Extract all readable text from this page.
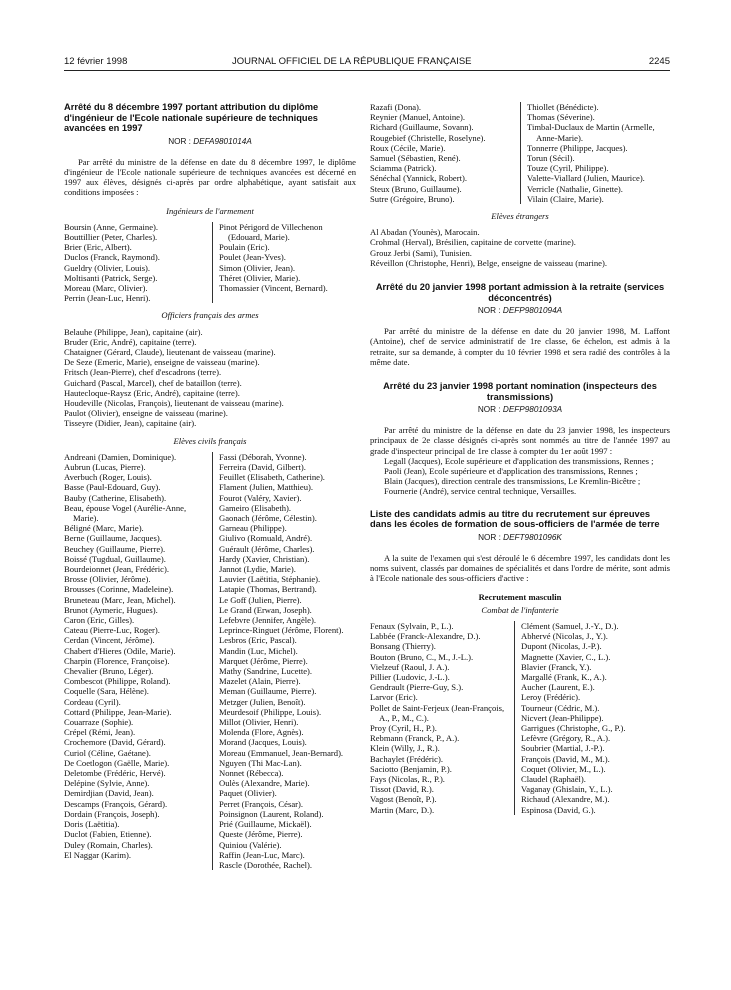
12 février 1998	JOURNAL OFFICIEL DE LA RÉPUBLIQUE FRANÇAISE	2245

Arrêté du 8 décembre 1997 portant attribution du diplôme d'ingénieur de l'Ecole nationale supérieure de techniques avancées en 1997

NOR : DEFA9801014A

Par arrêté du ministre de la défense en date du 8 décembre 1997, le diplôme d'ingénieur de l'Ecole nationale supérieure de techniques avancées est décerné en 1997 aux élèves, désignés ci-après par ordre alphabétique, ayant satisfait aux conditions imposées :

Ingénieurs de l'armement
Boursin (Anne, Germaine).
Bouttillier (Peter, Charles).
Brier (Eric, Albert).
Duclos (Franck, Raymond).
Gueldry (Olivier, Louis).
Moltisanti (Patrick, Serge).
Moreau (Marc, Olivier).
Perrin (Jean-Luc, Henri).
Pinot Périgord de Villechenon (Edouard, Marie).
Poulain (Eric).
Poulet (Jean-Yves).
Simon (Olivier, Jean).
Théret (Olivier, Marie).
Thomassier (Vincent, Bernard).
Officiers français des armes
Belauhe (Philippe, Jean), capitaine (air).
Bruder (Eric, André), capitaine (terre).
Chataigner (Gérard, Claude), lieutenant de vaisseau (marine).
De Seze (Emeric, Marie), enseigne de vaisseau (marine).
Fritsch (Jean-Pierre), chef d'escadrons (terre).
Guichard (Pascal, Marcel), chef de bataillon (terre).
Hautecloque-Raysz (Eric, André), capitaine (terre).
Houdeville (Nicolas, François), lieutenant de vaisseau (marine).
Paulot (Olivier), enseigne de vaisseau (marine).
Tisseyre (Didier, Jean), capitaine (air).
Elèves civils français
Andreani (Damien, Dominique).
Aubrun (Lucas, Pierre).
Averbuch (Roger, Louis).
Basse (Paul-Edouard, Guy).
Bauby (Catherine, Elisabeth).
Beau, épouse Vogel (Aurélie-Anne, Marie).
Béligné (Marc, Marie).
Berne (Guillaume, Jacques).
Beuchey (Guillaume, Pierre).
Boissé (Tugdual, Guillaume).
Bourdeionnet (Jean, Frédéric).
Brosse (Olivier, Jérôme).
Brousses (Corinne, Madeleine).
Bruneteau (Marc, Jean, Michel).
Brunot (Aymeric, Hugues).
Caron (Eric, Gilles).
Cateau (Pierre-Luc, Roger).
Cerdan (Vincent, Jérôme).
Chabert d'Hieres (Odile, Marie).
Charpin (Florence, Françoise).
Chevalier (Bruno, Léger).
Combescot (Philippe, Roland).
Coquelle (Sara, Hélène).
Cordeau (Cyril).
Cottard (Philippe, Jean-Marie).
Couarraze (Sophie).
Crépel (Rémi, Jean).
Crochemore (David, Gérard).
Curiol (Céline, Gaétane).
De Coetlogon (Gaëlle, Marie).
Deletombe (Frédéric, Hervé).
Delépine (Sylvie, Anne).
Demirdjian (David, Jean).
Descamps (François, Gérard).
Dordain (François, Joseph).
Doris (Laëtitia).
Duclot (Fabien, Etienne).
Duley (Romain, Charles).
El Naggar (Karim).
Fassi (Déborah, Yvonne).
Ferreira (David, Gilbert).
Feuillet (Elisabeth, Catherine).
Flament (Julien, Matthieu).
Fourot (Valéry, Xavier).
Gameiro (Elisabeth).
Gaonach (Jérôme, Célestin).
Garneau (Philippe).
Giulivo (Romuald, André).
Guérault (Jérôme, Charles).
Hardy (Xavier, Christian).
Jannot (Lydie, Marie).
Lauvier (Laëtitia, Stéphanie).
Latapie (Thomas, Bertrand).
Le Goff (Julien, Pierre).
Le Grand (Erwan, Joseph).
Lefebvre (Jennifer, Angèle).
Leprince-Ringuet (Jérôme, Florent).
Lesbros (Eric, Pascal).
Mandin (Luc, Michel).
Marquet (Jérôme, Pierre).
Mathy (Sandrine, Lucette).
Mazelet (Alain, Pierre).
Meman (Guillaume, Pierre).
Metzger (Julien, Benoît).
Meurdesoif (Philippe, Louis).
Millot (Olivier, Henri).
Molenda (Flore, Agnès).
Morand (Jacques, Louis).
Moreau (Emmanuel, Jean-Bernard).
Nguyen (Thi Mac-Lan).
Nonnet (Rébecca).
Oulès (Alexandre, Marie).
Paquet (Olivier).
Perret (François, César).
Poinsignon (Laurent, Roland).
Prié (Guillaume, Mickaël).
Queste (Jérôme, Pierre).
Quiniou (Valérie).
Raffin (Jean-Luc, Marc).
Rascle (Dorothée, Rachel).
Razafi (Dona).
Reynier (Manuel, Antoine).
Richard (Guillaume, Sovann).
Rougebief (Christelle, Roselyne).
Roux (Cécile, Marie).
Samuel (Sébastien, René).
Sciamma (Patrick).
Sénéchal (Yannick, Robert).
Steux (Bruno, Guillaume).
Sutre (Grégoire, Bruno).
Thiollet (Bénédicte).
Thomas (Séverine).
Timbal-Duclaux de Martin (Armelle, Anne-Marie).
Tonnerre (Philippe, Jacques).
Torun (Sécil).
Touze (Cyril, Philippe).
Valette-Viallard (Julien, Maurice).
Verricle (Nathalie, Ginette).
Vilain (Claire, Marie).
Elèves étrangers
Al Abadan (Younès), Marocain.
Crohmal (Herval), Brésilien, capitaine de corvette (marine).
Grouz Jerbi (Sami), Tunisien.
Réveillon (Christophe, Henri), Belge, enseigne de vaisseau (marine).

Arrêté du 20 janvier 1998 portant admission à la retraite (services déconcentrés)

NOR : DEFP9801094A

Par arrêté du ministre de la défense en date du 20 janvier 1998, M. Laffont (Antoine), chef de service administratif de 1re classe, 6e échelon, est admis à la retraite, sur sa demande, à compter du 10 février 1998 et sera radié des contrôles à la même date.

Arrêté du 23 janvier 1998 portant nomination (inspecteurs des transmissions)

NOR : DEFP9801093A

Par arrêté du ministre de la défense en date du 23 janvier 1998, les inspecteurs principaux de 2e classe désignés ci-après sont nommés au titre de l'année 1997 au grade d'inspecteur principal de 1re classe à compter du 1er août 1997 :

Legall (Jacques), Ecole supérieure et d'application des transmissions, Rennes ;
Paoli (Jean), Ecole supérieure et d'application des transmissions, Rennes ;
Blain (Jacques), direction centrale des transmissions, Le Kremlin-Bicêtre ;
Fournerie (André), service central technique, Versailles.

Liste des candidats admis au titre du recrutement sur épreuves dans les écoles de formation de sous-officiers de l'armée de terre

NOR : DEFT9801096K

A la suite de l'examen qui s'est déroulé le 6 décembre 1997, les candidats dont les noms suivent, classés par domaines de spécialités et dans l'ordre de mérite, sont admis à l'Ecole nationale des sous-officiers d'active :

Recrutement masculin
Combat de l'infanterie
Fenaux (Sylvain, P., L.).
Labbée (Franck-Alexandre, D.).
Bonsang (Thierry).
Bouton (Bruno, C., M., J.-L.).
Vielzeuf (Raoul, J. A.).
Pillier (Ludovic, J.-L.).
Gendrault (Pierre-Guy, S.).
Larvor (Eric).
Pollet de Saint-Ferjeux (Jean-François, A., P., M., C.).
Proy (Cyril, H., P.).
Rebmann (Franck, P., A.).
Klein (Willy, J., R.).
Bachaylet (Frédéric).
Saciotto (Benjamin, P.).
Fays (Nicolas, R., P.).
Tissot (David, R.).
Vagost (Benoît, P.).
Martin (Marc, D.).
Clément (Samuel, J.-Y., D.).
Abhervé (Nicolas, J., Y.).
Dupont (Nicolas, J.-P.).
Magnette (Xavier, C., L.).
Blavier (Franck, Y.).
Margallé (Frank, K., A.).
Aucher (Laurent, E.).
Leroy (Frédéric).
Tourneur (Cédric, M.).
Nicvert (Jean-Philippe).
Garrigues (Christophe, G., P.).
Lefèvre (Grégory, R., A.).
Soubrier (Martial, J.-P.).
François (David, M., M.).
Coquet (Olivier, M., L.).
Claudel (Raphaël).
Vaganay (Ghislain, Y., L.).
Richaud (Alexandre, M.).
Espinosa (David, G.).
